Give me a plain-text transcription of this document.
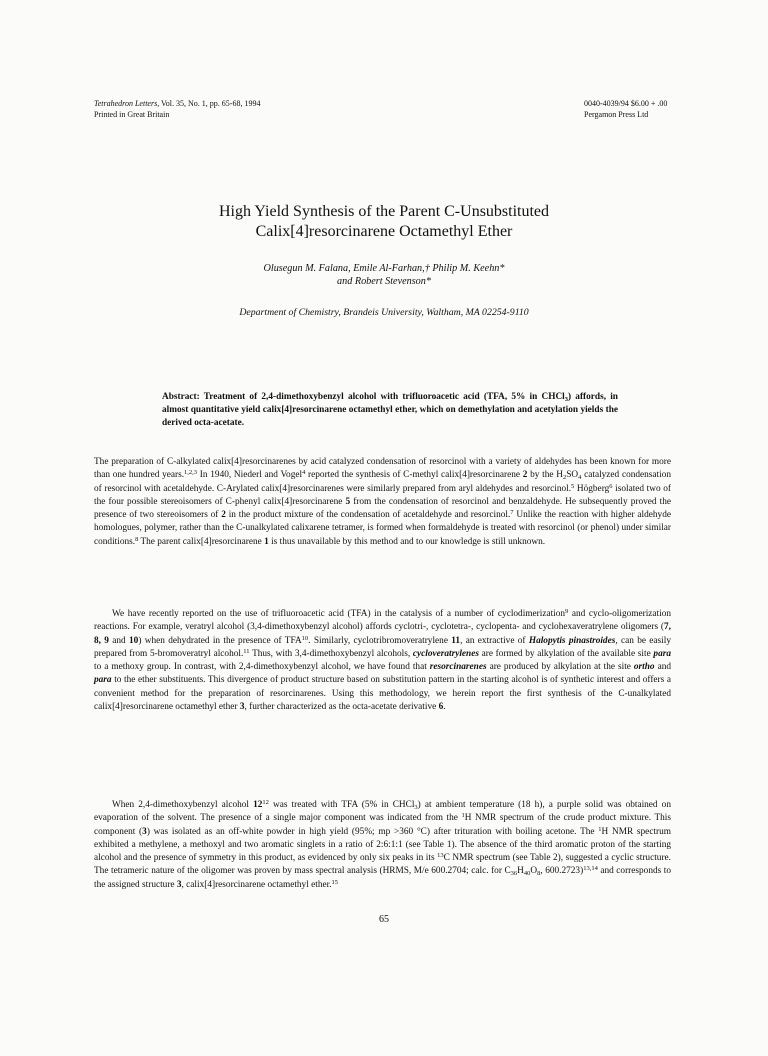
Tetrahedron Letters, Vol. 35, No. 1, pp. 65-68, 1994
Printed in Great Britain
0040-4039/94 $6.00 + .00
Pergamon Press Ltd
High Yield Synthesis of the Parent C-Unsubstituted
Calix[4]resorcinarene Octamethyl Ether
Olusegun M. Falana, Emile Al-Farhan,† Philip M. Keehn*
and Robert Stevenson*
Department of Chemistry, Brandeis University, Waltham, MA 02254-9110
Abstract: Treatment of 2,4-dimethoxybenzyl alcohol with trifluoroacetic acid (TFA, 5% in CHCl$_3$) affords, in almost quantitative yield calix[4]resorcinarene octamethyl ether, which on demethylation and acetylation yields the derived octa-acetate.

The preparation of C-alkylated calix[4]resorcinarenes by acid catalyzed condensation of resorcinol with a variety of aldehydes has been known for more than one hundred years.$^{1,2,3}$ In 1940, Niederl and Vogel$^4$ reported the synthesis of C-methyl calix[4]resorcinarene 2 by the $H_2SO_4$ catalyzed condensation of resorcinol with acetaldehyde. C-Arylated calix[4]resorcinarenes were similarly prepared from aryl aldehydes and resorcinol.$^5$ Högberg$^6$ isolated two of the four possible stereoisomers of C-phenyl calix[4]resorcinarene 5 from the condensation of resorcinol and benzaldehyde. He subsequently proved the presence of two stereoisomers of 2 in the product mixture of the condensation of acetaldehyde and resorcinol.$^7$ Unlike the reaction with higher aldehyde homologues, polymer, rather than the C-unalkylated calixarene tetramer, is formed when formaldehyde is treated with resorcinol (or phenol) under similar conditions.$^8$ The parent calix[4]resorcinarene 1 is thus unavailable by this method and to our knowledge is still unknown.

We have recently reported on the use of trifluoroacetic acid (TFA) in the catalysis of a number of cyclodimerization$^9$ and cyclo-oligomerization reactions. For example, veratryl alcohol (3,4-dimethoxybenzyl alcohol) affords cyclotri-, cyclotetra-, cyclopenta- and cyclohexaveratrylene oligomers (7, 8, 9 and 10) when dehydrated in the presence of TFA$^{10}$. Similarly, cyclotribromoveratrylene 11, an extractive of Halopytis pinastroides, can be easily prepared from 5-bromoveratryl alcohol.$^{11}$ Thus, with 3,4-dimethoxybenzyl alcohols, cycloveratrylenes are formed by alkylation of the available site para to a methoxy group. In contrast, with 2,4-dimethoxybenzyl alcohol, we have found that resorcinarenes are produced by alkylation at the site ortho and para to the ether substituents. This divergence of product structure based on substitution pattern in the starting alcohol is of synthetic interest and offers a convenient method for the preparation of resorcinarenes. Using this methodology, we herein report the first synthesis of the C-unalkylated calix[4]resorcinarene octamethyl ether 3, further characterized as the octa-acetate derivative 6.

When 2,4-dimethoxybenzyl alcohol $12^{12}$ was treated with TFA (5% in CHCl$_3$) at ambient temperature (18 h), a purple solid was obtained on evaporation of the solvent. The presence of a single major component was indicated from the $^1$H NMR spectrum of the crude product mixture. This component (3) was isolated as an off-white powder in high yield (95%; mp >360 °C) after trituration with boiling acetone. The $^1$H NMR spectrum exhibited a methylene, a methoxyl and two aromatic singlets in a ratio of 2:6:1:1 (see Table 1). The absence of the third aromatic proton of the starting alcohol and the presence of symmetry in this product, as evidenced by only six peaks in its $^{13}$C NMR spectrum (see Table 2), suggested a cyclic structure. The tetrameric nature of the oligomer was proven by mass spectral analysis (HRMS, M/e 600.2704; calc. for $C_{36}H_{40}O_8$, 600.2723)$^{13,14}$ and corresponds to the assigned structure 3, calix[4]resorcinarene octamethyl ether.$^{15}$

65
